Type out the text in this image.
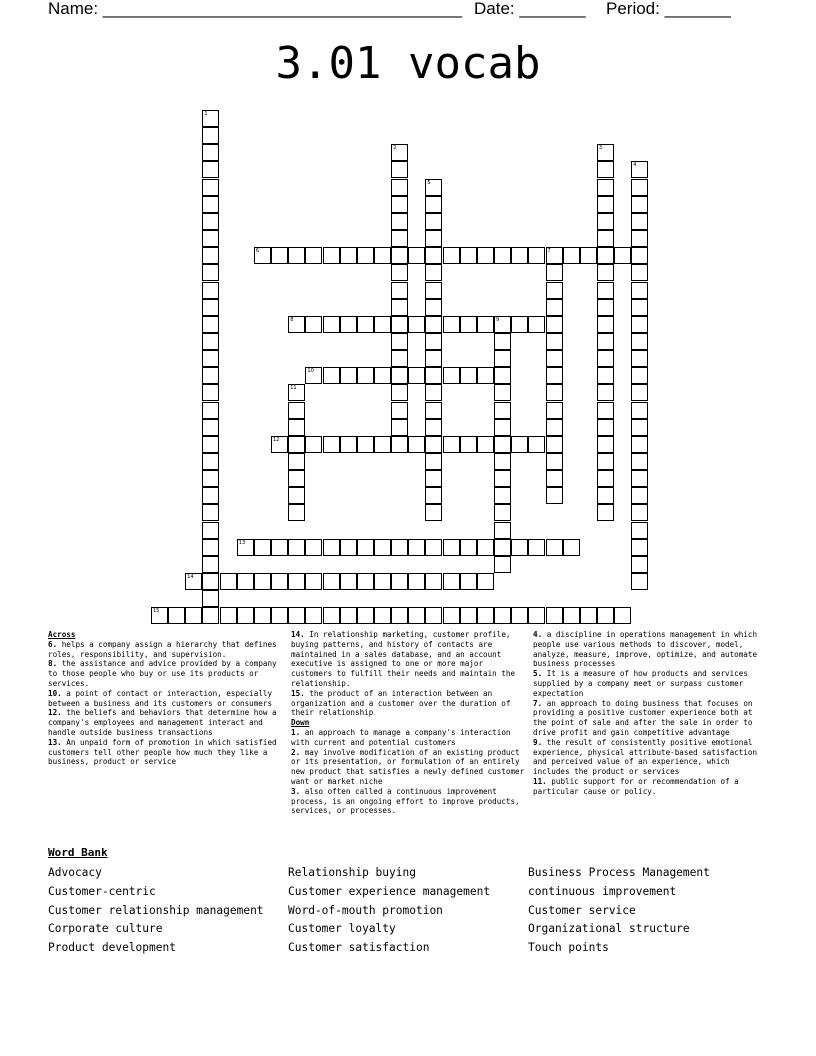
Name: ______________________________________ Date: _______ Period: _______
3.01 vocab
1
2	3
4
5
6	7
8	9
10
11
12
13
14
15
Across
6. helps a company assign a hierarchy that defines roles, responsibility, and supervision.
8. the assistance and advice provided by a company to those people who buy or use its products or services.
10. a point of contact or interaction, especially between a business and its customers or consumers
12. the beliefs and behaviors that determine how a company's employees and management interact and handle outside business transactions
13. An unpaid form of promotion in which satisfied customers tell other people how much they like a business, product or service
14. In relationship marketing, customer profile, buying patterns, and history of contacts are maintained in a sales database, and an account executive is assigned to one or more major customers to fulfill their needs and maintain the relationship.
15. the product of an interaction between an organization and a customer over the duration of their relationship
Down
1. an approach to manage a company's interaction with current and potential customers
2. may involve modification of an existing product or its presentation, or formulation of an entirely new product that satisfies a newly defined customer want or market niche
3. also often called a continuous improvement process, is an ongoing effort to improve products, services, or processes.
4. a discipline in operations management in which people use various methods to discover, model, analyze, measure, improve, optimize, and automate business processes
5. It is a measure of how products and services supplied by a company meet or surpass customer expectation
7. an approach to doing business that focuses on providing a positive customer experience both at the point of sale and after the sale in order to drive profit and gain competitive advantage
9. the result of consistently positive emotional experience, physical attribute-based satisfaction and perceived value of an experience, which includes the product or services
11. public support for or recommendation of a particular cause or policy.
Word Bank
Advocacy
Customer-centric
Customer relationship management
Corporate culture
Product development
Relationship buying
Customer experience management
Word-of-mouth promotion
Customer loyalty
Customer satisfaction
Business Process Management
continuous improvement
Customer service
Organizational structure
Touch points
